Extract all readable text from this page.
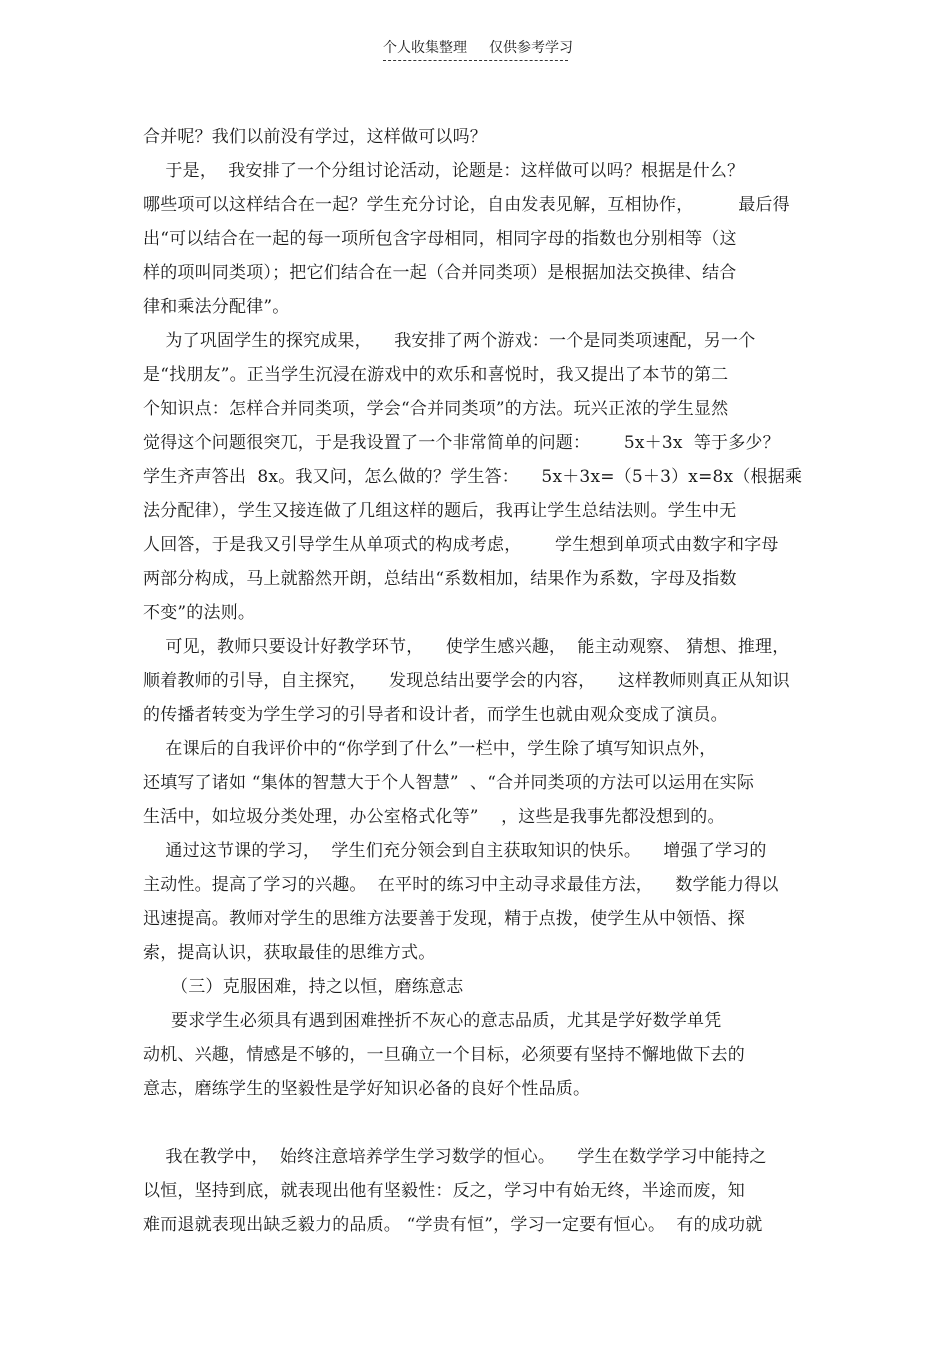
个人收集整理 仅供参考学习
合并呢？我们以前没有学过，这样做可以吗？
于是，  我安排了一个分组讨论活动，论题是：这样做可以吗？根据是什么？
哪些项可以这样结合在一起？学生充分讨论，自由发表见解，互相协作，        最后得
出“可以结合在一起的每一项所包含字母相同，相同字母的指数也分别相等（这
样的项叫同类项）；把它们结合在一起（合并同类项）是根据加法交换律、结合
律和乘法分配律”。
为了巩固学生的探究成果，    我安排了两个游戏：一个是同类项速配，另一个
是“找朋友”。正当学生沉浸在游戏中的欢乐和喜悦时，我又提出了本节的第二
个知识点：怎样合并同类项，学会“合并同类项”的方法。玩兴正浓的学生显然
觉得这个问题很突兀，于是我设置了一个非常简单的问题：      5x＋3x  等于多少？
学生齐声答出  8x。我又问，怎么做的？学生答：    5x＋3x=（5＋3）x=8x（根据乘
法分配律），学生又接连做了几组这样的题后，我再让学生总结法则。学生中无
人回答，于是我又引导学生从单项式的构成考虑，      学生想到单项式由数字和字母
两部分构成，马上就豁然开朗，总结出“系数相加，结果作为系数，字母及指数
不变”的法则。
可见，教师只要设计好教学环节，    使学生感兴趣，  能主动观察、 猜想、推理，
顺着教师的引导，自主探究，    发现总结出要学会的内容，    这样教师则真正从知识
的传播者转变为学生学习的引导者和设计者，而学生也就由观众变成了演员。
在课后的自我评价中的“你学到了什么”一栏中，学生除了填写知识点外，
还填写了诸如 “集体的智慧大于个人智慧”  、“合并同类项的方法可以运用在实际
生活中，如垃圾分类处理，办公室格式化等”    ，这些是我事先都没想到的。
通过这节课的学习，  学生们充分领会到自主获取知识的快乐。    增强了学习的
主动性。提高了学习的兴趣。  在平时的练习中主动寻求最佳方法，    数学能力得以
迅速提高。教师对学生的思维方法要善于发现，精于点拨，使学生从中领悟、探
索，提高认识，获取最佳的思维方式。
（三）克服困难，持之以恒，磨练意志
要求学生必须具有遇到困难挫折不灰心的意志品质，尤其是学好数学单凭
动机、兴趣，情感是不够的，一旦确立一个目标，必须要有坚持不懈地做下去的
意志，磨练学生的坚毅性是学好知识必备的良好个性品质。
我在教学中，  始终注意培养学生学习数学的恒心。    学生在数学学习中能持之
以恒，坚持到底，就表现出他有坚毅性：反之，学习中有始无终，半途而废，知
难而退就表现出缺乏毅力的品质。 “学贵有恒”，学习一定要有恒心。  有的成功就
